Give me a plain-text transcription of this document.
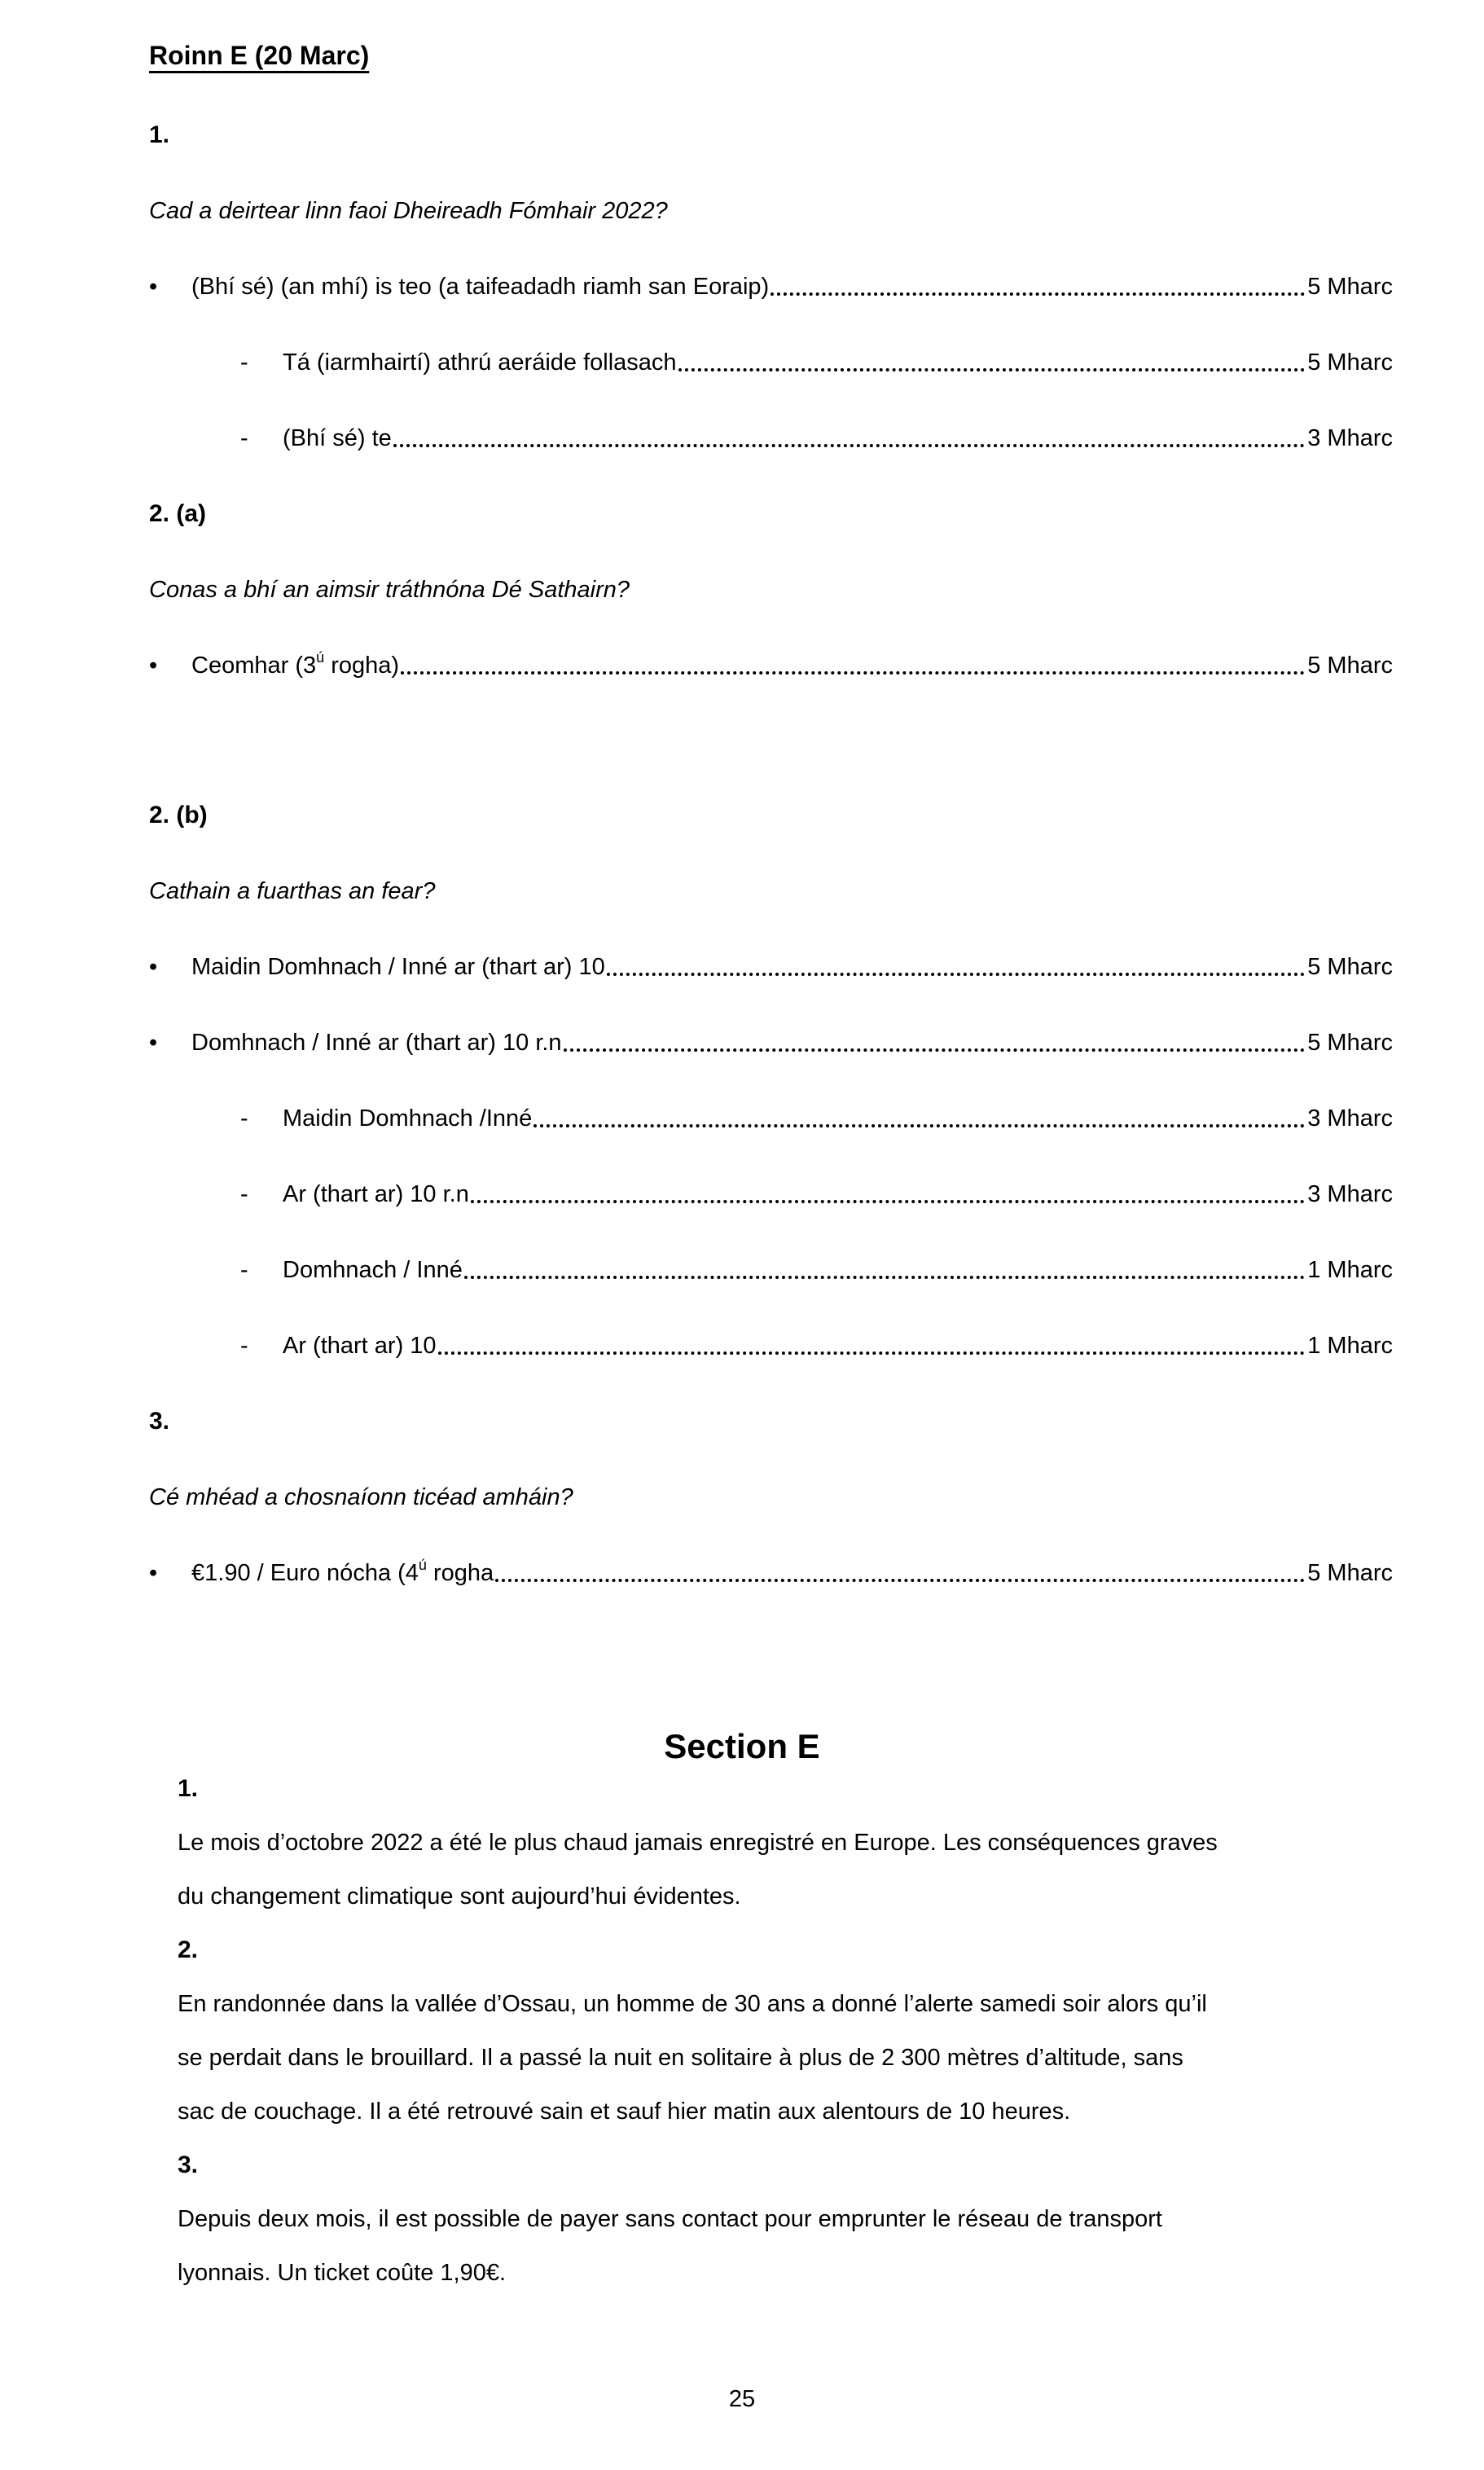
Roinn E (20 Marc)
1.
Cad a deirtear linn faoi Dheireadh Fómhair 2022?
•	(Bhí sé) (an mhí) is teo (a taifeadadh riamh san Eoraip)	5 Mharc
-	Tá (iarmhairtí) athrú aeráide follasach	5 Mharc
-	(Bhí sé) te	3 Mharc
2. (a)
Conas a bhí an aimsir tráthnóna Dé Sathairn?
•	Ceomhar ($3^ú$ rogha)	5 Mharc
2. (b)
Cathain a fuarthas an fear?
•	Maidin Domhnach / Inné ar (thart ar) 10	5 Mharc
•	Domhnach / Inné ar (thart ar) 10 r.n	5 Mharc
-	Maidin Domhnach /Inné	3 Mharc
-	Ar (thart ar) 10 r.n	3 Mharc
-	Domhnach / Inné	1 Mharc
-	Ar (thart ar) 10	1 Mharc
3.
Cé mhéad a chosnaíonn ticéad amháin?
•	€1.90 / Euro nócha ($4^ú$ rogha	5 Mharc
Section E
1.
Le mois d’octobre 2022 a été le plus chaud jamais enregistré en Europe. Les conséquences graves
du changement climatique sont aujourd’hui évidentes.
2.
En randonnée dans la vallée d’Ossau, un homme de 30 ans a donné l’alerte samedi soir alors qu’il
se perdait dans le brouillard. Il a passé la nuit en solitaire à plus de 2 300 mètres d’altitude, sans
sac de couchage. Il a été retrouvé sain et sauf hier matin aux alentours de 10 heures.
3.
Depuis deux mois, il est possible de payer sans contact pour emprunter le réseau de transport
lyonnais. Un ticket coûte 1,90€.
25
